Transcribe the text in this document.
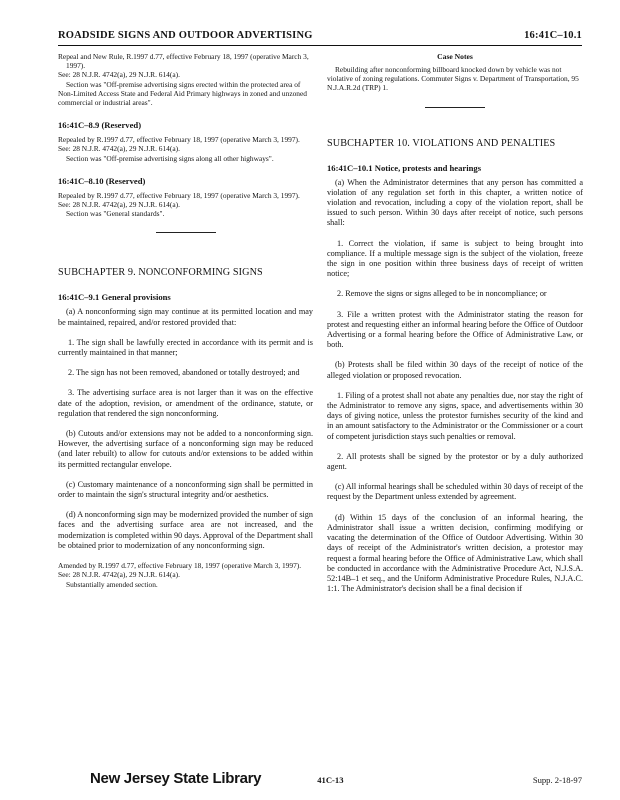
ROADSIDE SIGNS AND OUTDOOR ADVERTISING	16:41C–10.1

Repeal and New Rule, R.1997 d.77, effective February 18, 1997 (operative March 3, 1997).

See: 28 N.J.R. 4742(a), 29 N.J.R. 614(a).

Section was "Off-premise advertising signs erected within the protected area of Non-Limited Access State and Federal Aid Primary highways in zoned and unzoned commercial or industrial areas".

16:41C–8.9 (Reserved)

Repealed by R.1997 d.77, effective February 18, 1997 (operative March 3, 1997).

See: 28 N.J.R. 4742(a), 29 N.J.R. 614(a).

Section was "Off-premise advertising signs along all other highways".

16:41C–8.10 (Reserved)

Repealed by R.1997 d.77, effective February 18, 1997 (operative March 3, 1997).

See: 28 N.J.R. 4742(a), 29 N.J.R. 614(a).

Section was "General standards".

SUBCHAPTER 9. NONCONFORMING SIGNS
16:41C–9.1 General provisions

(a) A nonconforming sign may continue at its permitted location and may be maintained, repaired, and/or restored provided that:

1. The sign shall be lawfully erected in accordance with its permit and is currently maintained in that manner;

2. The sign has not been removed, abandoned or totally destroyed; and

3. The advertising surface area is not larger than it was on the effective date of the adoption, revision, or amendment of the ordinance, statute, or regulation that rendered the sign nonconforming.

(b) Cutouts and/or extensions may not be added to a nonconforming sign. However, the advertising surface of a nonconforming sign may be reduced (and later rebuilt) to allow for cutouts and/or extensions to be added within its permitted rectangular envelope.

(c) Customary maintenance of a nonconforming sign shall be permitted in order to maintain the sign's structural integrity and/or aesthetics.

(d) A nonconforming sign may be modernized provided the number of sign faces and the advertising surface area are not increased, and the modernization is completed within 90 days. Approval of the Department shall be obtained prior to modernization of any nonconforming sign.

Amended by R.1997 d.77, effective February 18, 1997 (operative March 3, 1997).

See: 28 N.J.R. 4742(a), 29 N.J.R. 614(a).

Substantially amended section.

Case Notes

Rebuilding after nonconforming billboard knocked down by vehicle was not violative of zoning regulations. Commuter Signs v. Department of Transportation, 95 N.J.A.R.2d (TRP) 1.

SUBCHAPTER 10. VIOLATIONS AND PENALTIES
16:41C–10.1 Notice, protests and hearings

(a) When the Administrator determines that any person has committed a violation of any regulation set forth in this chapter, a written notice of violation and revocation, including a copy of the violation report, shall be issued to such person. Within 30 days after receipt of notice, such persons shall:

1. Correct the violation, if same is subject to being brought into compliance. If a multiple message sign is the subject of the violation, freeze the sign in one position within three business days of receipt of written notice;

2. Remove the signs or signs alleged to be in noncompliance; or

3. File a written protest with the Administrator stating the reason for protest and requesting either an informal hearing before the Office of Outdoor Advertising or a formal hearing before the Office of Administrative Law, or both.

(b) Protests shall be filed within 30 days of the receipt of notice of the alleged violation or proposed revocation.

1. Filing of a protest shall not abate any penalties due, nor stay the right of the Administrator to remove any signs, space, and advertisements within 30 days of giving notice, unless the protestor furnishes security of the kind and in an amount satisfactory to the Administrator or the Commissioner or a court of competent jurisdiction stays such penalties or removal.

2. All protests shall be signed by the protestor or by a duly authorized agent.

(c) All informal hearings shall be scheduled within 30 days of receipt of the request by the Department unless extended by agreement.

(d) Within 15 days of the conclusion of an informal hearing, the Administrator shall issue a written decision, confirming modifying or vacating the determination of the Office of Outdoor Advertising. Within 30 days of receipt of the Administrator's written decision, a protestor may request a formal hearing before the Office of Administrative Law, which shall be conducted in accordance with the Administrative Procedure Act, N.J.S.A. 52:14B–1 et seq., and the Uniform Administrative Procedure Rules, N.J.A.C. 1:1. The Administrator's decision shall be a final decision if

New Jersey State Library	41C-13	Supp. 2-18-97
